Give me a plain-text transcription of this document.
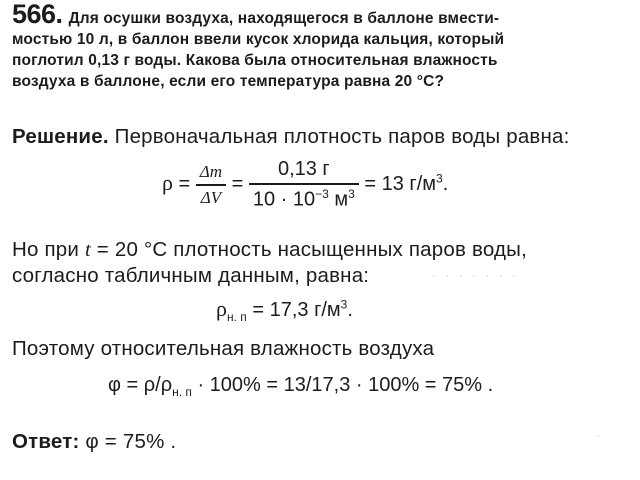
566. Для осушки воздуха, находящегося в баллоне вмести-
мостью 10 л, в баллон ввели кусок хлорида кальция, который
поглотил 0,13 г воды. Какова была относительная влажность
воздуха в баллоне, если его температура равна 20 °С?
Решение. Первоначальная плотность паров воды равна:
$\rho = \frac{\Delta m}{\Delta V} = \frac{0,13 г}{10 \cdot 10^{-3} м^3} = 13$ $г/м^3$.
Но при t = 20 °С плотность насыщенных паров воды,
согласно табличным данным, равна:	· · · · · · ·
$\rho_{н. п} = 17,3$ $г/м^3$.
Поэтому относительная влажность воздуха
$\varphi = \rho/\rho_{н. п} \cdot 100\% = 13/17,3 \cdot 100\% = 75\%$ .
Ответ: φ = 75% .	·
